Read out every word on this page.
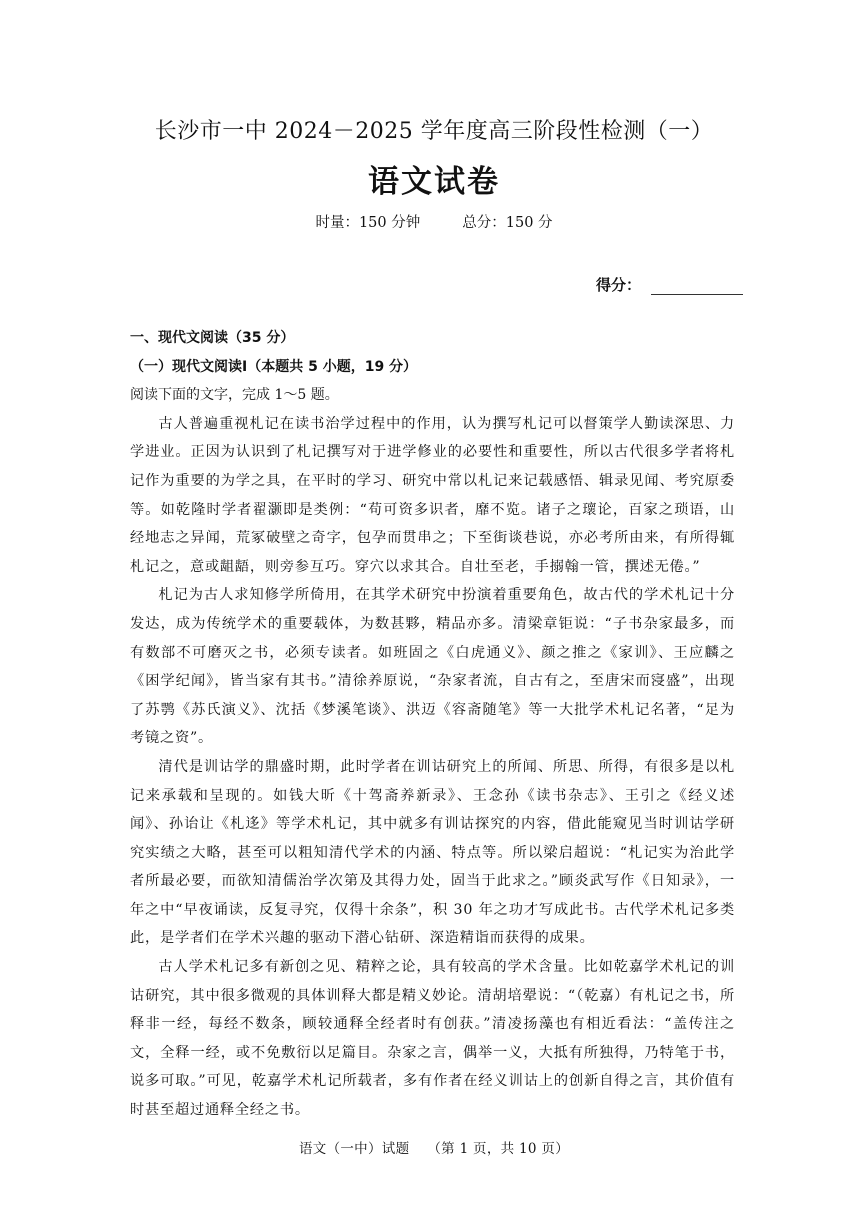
长沙市一中 2024－2025 学年度高三阶段性检测（一）
语文试卷
时量：150 分钟	总分：150 分
得分：

一、现代文阅读（35 分）

（一）现代文阅读Ⅰ（本题共 5 小题，19 分）

阅读下面的文字，完成 1～5 题。

古人普遍重视札记在读书治学过程中的作用，认为撰写札记可以督策学人勤读深思、力学进业。正因为认识到了札记撰写对于进学修业的必要性和重要性，所以古代很多学者将札记作为重要的为学之具，在平时的学习、研究中常以札记来记载感悟、辑录见闻、考究原委等。如乾隆时学者翟灏即是类例：“苟可资多识者，靡不览。诸子之瓌论，百家之琐语，山经地志之异闻，荒冢破壁之奇字，包孕而贯串之；下至街谈巷说，亦必考所由来，有所得辄札记之，意或龃龉，则旁参互巧。穿穴以求其合。自壮至老，手搦翰一管，撰述无倦。”

札记为古人求知修学所倚用，在其学术研究中扮演着重要角色，故古代的学术札记十分发达，成为传统学术的重要载体，为数甚夥，精品亦多。清梁章钜说：“子书杂家最多，而有数部不可磨灭之书，必须专读者。如班固之《白虎通义》、颜之推之《家训》、王应麟之《困学纪闻》，皆当家有其书。”清徐养原说，“杂家者流，自古有之，至唐宋而寖盛”，出现了苏鹗《苏氏演义》、沈括《梦溪笔谈》、洪迈《容斋随笔》等一大批学术札记名著，“足为考镜之资”。

清代是训诂学的鼎盛时期，此时学者在训诂研究上的所闻、所思、所得，有很多是以札记来承载和呈现的。如钱大昕《十驾斋养新录》、王念孙《读书杂志》、王引之《经义述闻》、孙诒让《札迻》等学术札记，其中就多有训诂探究的内容，借此能窥见当时训诂学研究实绩之大略，甚至可以粗知清代学术的内涵、特点等。所以梁启超说：“札记实为治此学者所最必要，而欲知清儒治学次第及其得力处，固当于此求之。”顾炎武写作《日知录》，一年之中“早夜诵读，反复寻究，仅得十余条”，积 30 年之功才写成此书。古代学术札记多类此，是学者们在学术兴趣的驱动下潜心钻研、深造精诣而获得的成果。

古人学术札记多有新创之见、精粹之论，具有较高的学术含量。比如乾嘉学术札记的训诂研究，其中很多微观的具体训释大都是精义妙论。清胡培翚说：“（乾嘉）有札记之书，所释非一经，每经不数条，顾较通释全经者时有创获。”清凌扬藻也有相近看法：“盖传注之文，全释一经，或不免敷衍以足篇目。杂家之言，偶举一义，大抵有所独得，乃特笔于书，说多可取。”可见，乾嘉学术札记所载者，多有作者在经义训诂上的创新自得之言，其价值有时甚至超过通释全经之书。

语文（一中）试题 （第 1 页，共 10 页）
